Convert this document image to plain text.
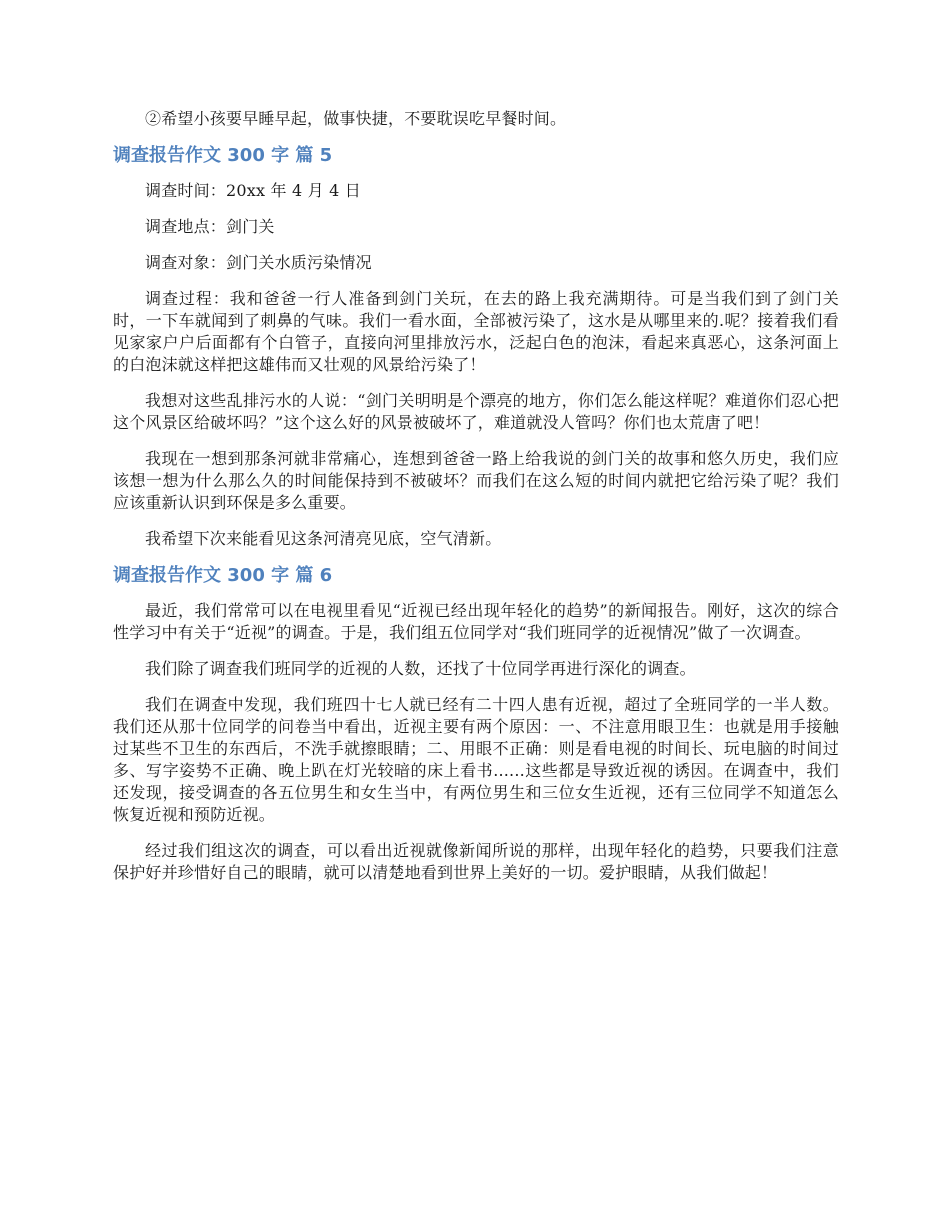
②希望小孩要早睡早起，做事快捷，不要耽误吃早餐时间。

调查报告作文 300 字 篇 5

调查时间：20xx 年 4 月 4 日

调查地点：剑门关

调查对象：剑门关水质污染情况

调查过程：我和爸爸一行人准备到剑门关玩，在去的路上我充满期待。可是当我们到了剑门关时，一下车就闻到了刺鼻的气味。我们一看水面，全部被污染了，这水是从哪里来的.呢？接着我们看见家家户户后面都有个白管子，直接向河里排放污水，泛起白色的泡沫，看起来真恶心，这条河面上的白泡沫就这样把这雄伟而又壮观的风景给污染了！

我想对这些乱排污水的人说：“剑门关明明是个漂亮的地方，你们怎么能这样呢？难道你们忍心把这个风景区给破坏吗？”这个这么好的风景被破坏了，难道就没人管吗？你们也太荒唐了吧！

我现在一想到那条河就非常痛心，连想到爸爸一路上给我说的剑门关的故事和悠久历史，我们应该想一想为什么那么久的时间能保持到不被破坏？而我们在这么短的时间内就把它给污染了呢？我们应该重新认识到环保是多么重要。

我希望下次来能看见这条河清亮见底，空气清新。

调查报告作文 300 字 篇 6

最近，我们常常可以在电视里看见“近视已经出现年轻化的趋势”的新闻报告。刚好，这次的综合性学习中有关于“近视”的调查。于是，我们组五位同学对“我们班同学的近视情况”做了一次调查。

我们除了调查我们班同学的近视的人数，还找了十位同学再进行深化的调查。

我们在调查中发现，我们班四十七人就已经有二十四人患有近视，超过了全班同学的一半人数。我们还从那十位同学的问卷当中看出，近视主要有两个原因：一、不注意用眼卫生：也就是用手接触过某些不卫生的东西后，不洗手就擦眼睛；二、用眼不正确：则是看电视的时间长、玩电脑的时间过多、写字姿势不正确、晚上趴在灯光较暗的床上看书......这些都是导致近视的诱因。在调查中，我们还发现，接受调查的各五位男生和女生当中，有两位男生和三位女生近视，还有三位同学不知道怎么恢复近视和预防近视。

经过我们组这次的调查，可以看出近视就像新闻所说的那样，出现年轻化的趋势，只要我们注意保护好并珍惜好自己的眼睛，就可以清楚地看到世界上美好的一切。爱护眼睛，从我们做起！
